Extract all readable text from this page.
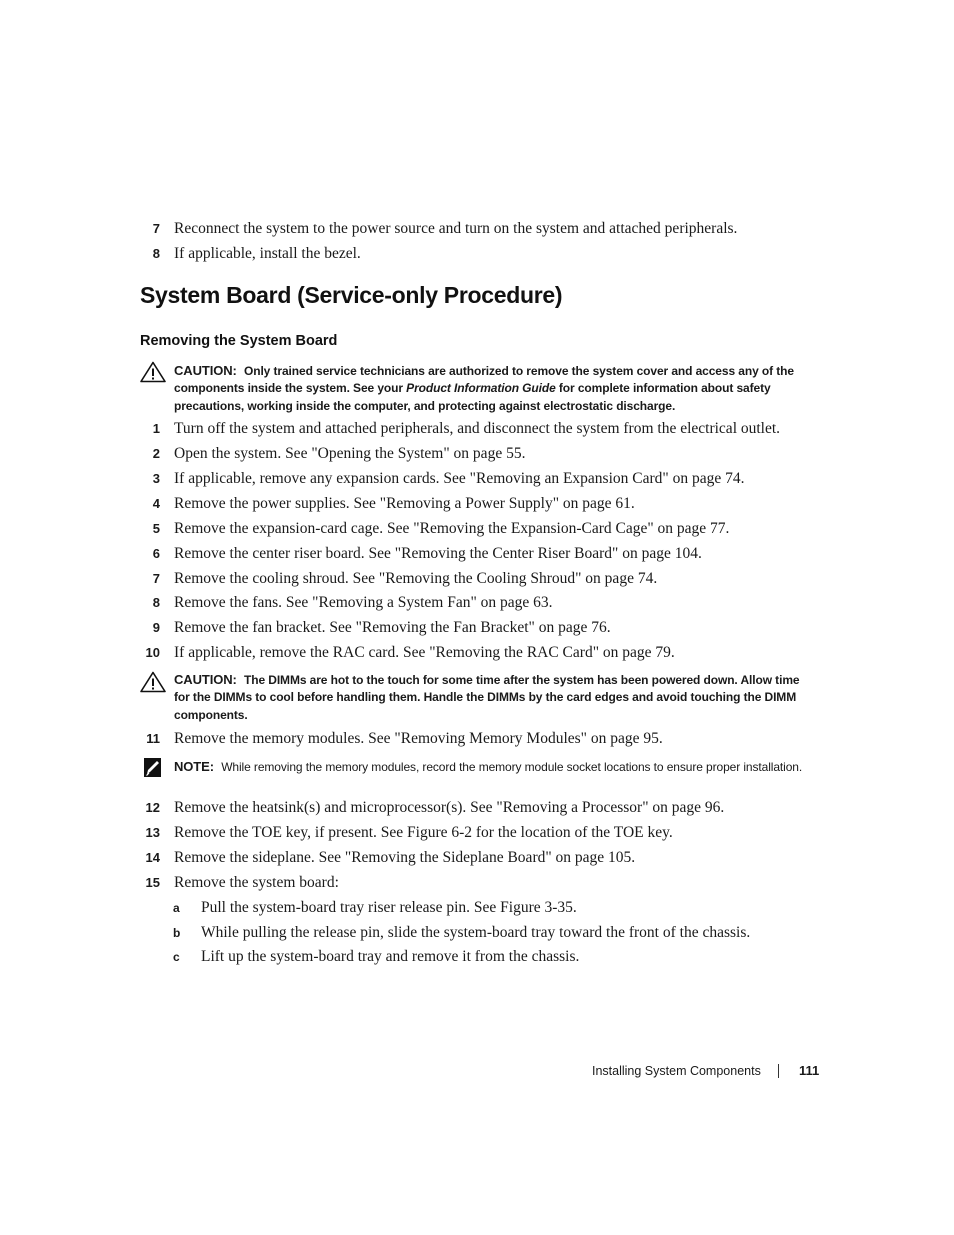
7 Reconnect the system to the power source and turn on the system and attached peripherals.
8 If applicable, install the bezel.
System Board (Service-only Procedure)
Removing the System Board
CAUTION: Only trained service technicians are authorized to remove the system cover and access any of the components inside the system. See your Product Information Guide for complete information about safety precautions, working inside the computer, and protecting against electrostatic discharge.
1 Turn off the system and attached peripherals, and disconnect the system from the electrical outlet.
2 Open the system. See "Opening the System" on page 55.
3 If applicable, remove any expansion cards. See "Removing an Expansion Card" on page 74.
4 Remove the power supplies. See "Removing a Power Supply" on page 61.
5 Remove the expansion-card cage. See "Removing the Expansion-Card Cage" on page 77.
6 Remove the center riser board. See "Removing the Center Riser Board" on page 104.
7 Remove the cooling shroud. See "Removing the Cooling Shroud" on page 74.
8 Remove the fans. See "Removing a System Fan" on page 63.
9 Remove the fan bracket. See "Removing the Fan Bracket" on page 76.
10 If applicable, remove the RAC card. See "Removing the RAC Card" on page 79.
CAUTION: The DIMMs are hot to the touch for some time after the system has been powered down. Allow time for the DIMMs to cool before handling them. Handle the DIMMs by the card edges and avoid touching the DIMM components.
11 Remove the memory modules. See "Removing Memory Modules" on page 95.
NOTE: While removing the memory modules, record the memory module socket locations to ensure proper installation.
12 Remove the heatsink(s) and microprocessor(s). See "Removing a Processor" on page 96.
13 Remove the TOE key, if present. See Figure 6-2 for the location of the TOE key.
14 Remove the sideplane. See "Removing the Sideplane Board" on page 105.
15 Remove the system board:
a Pull the system-board tray riser release pin. See Figure 3-35.
b While pulling the release pin, slide the system-board tray toward the front of the chassis.
c Lift up the system-board tray and remove it from the chassis.
Installing System Components	111
